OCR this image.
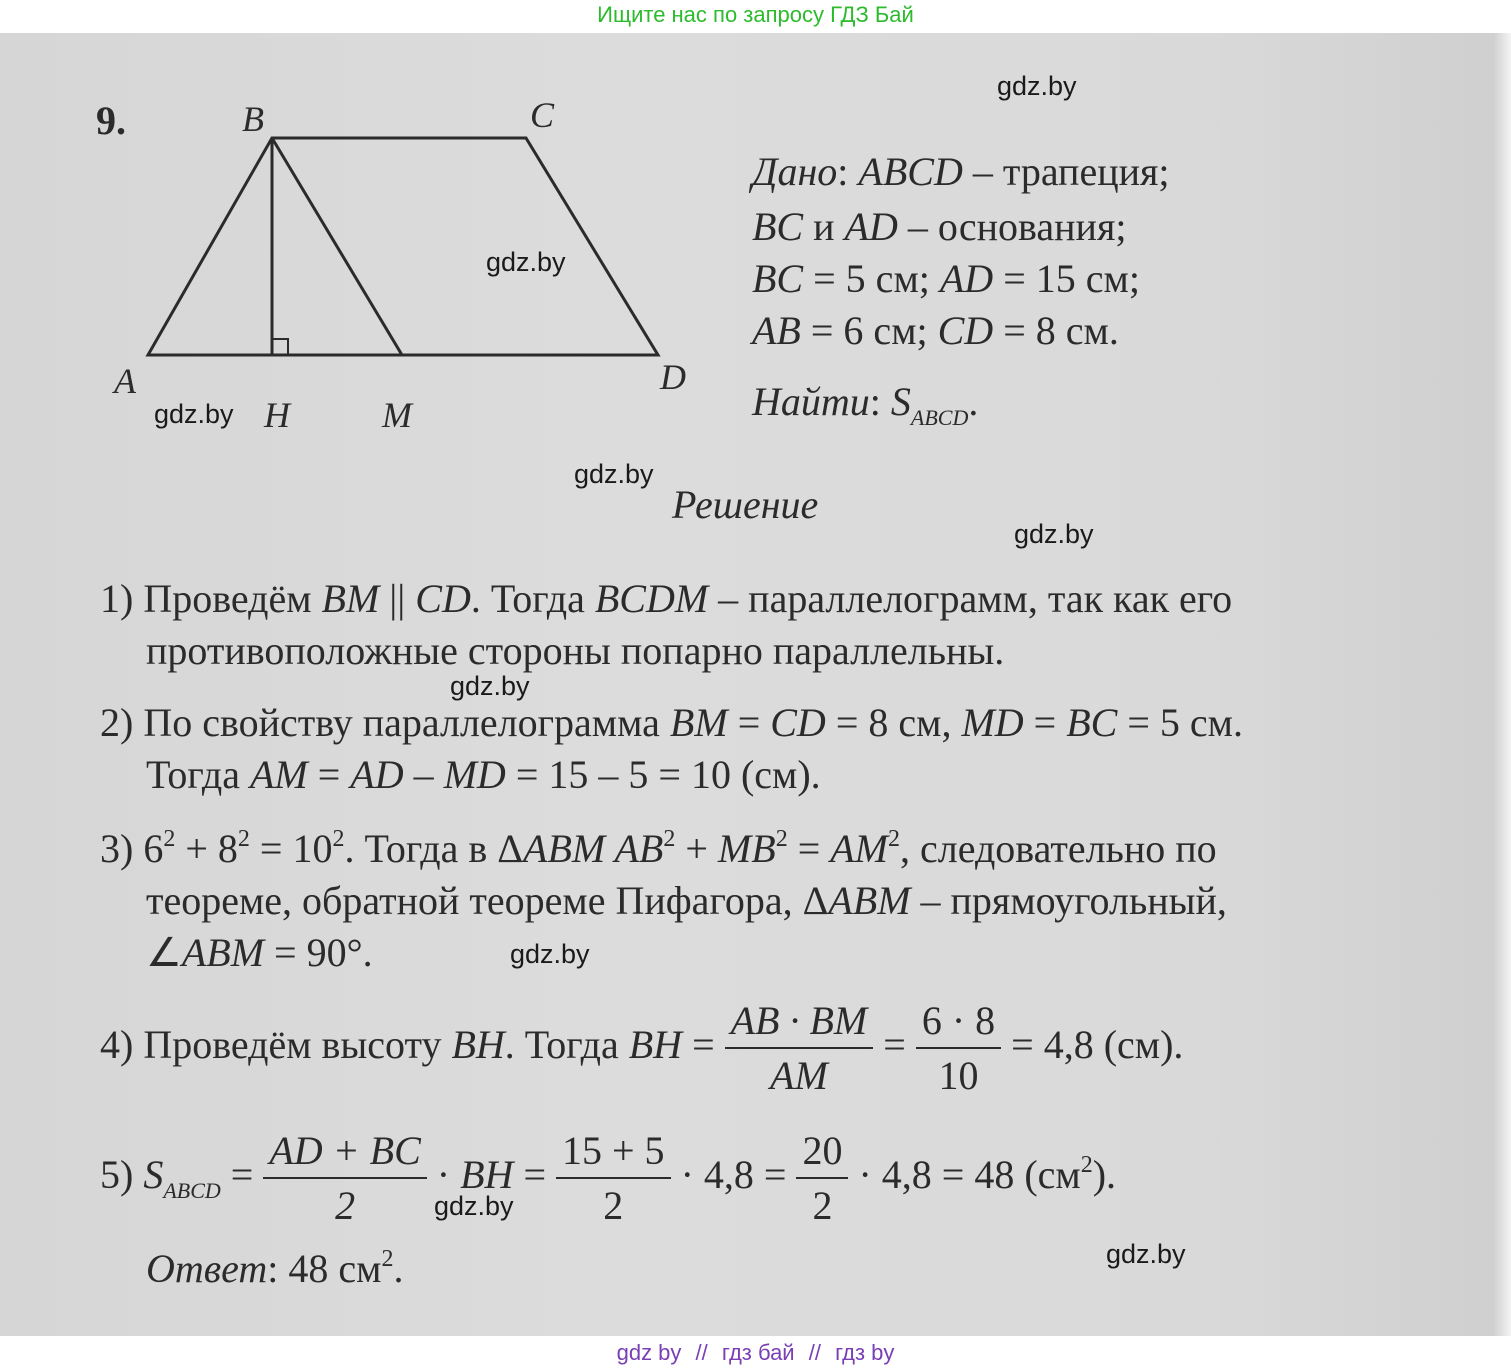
Ищите нас по запросу ГДЗ Бай
9.
A
B	C
D
H	M
Дано: ABCD – трапеция;
BC и AD – основания;
BC = 5 см; AD = 15 см;
AB = 6 см; CD = 8 см.
Найти: $S_{ABCD}$.
Решение
1) Проведём BM || CD. Тогда BCDM – параллелограмм, так как его
противоположные стороны попарно параллельны.
2) По свойству параллелограмма BM = CD = 8 см, MD = BC = 5 см.
Тогда AM = AD – MD = 15 – 5 = 10 (см).
3) $6^2 + 8^2 = 10^2$. Тогда в ΔABM $AB^2 + MB^2 = AM^2$, следовательно по
теореме, обратной теореме Пифагора, ΔABM – прямоугольный,
∠ABM = 90°.
4) Проведём высоту BH. Тогда BH = $\frac{AB \cdot BM}{AM} = \frac{6 \cdot 8}{10} = 4,8$ (см).
5) $S_{ABCD} = \frac{AD + BC}{2}$ · BH = $\frac{15 + 5}{2} \cdot 4,8 = \frac{20}{2} \cdot 4,8 = 48$ $(см^2)$.
Ответ: 48 $см^2$.
gdz.by
gdz.by
gdz.by
gdz.by
gdz.by
gdz.by
gdz.by
gdz.by
gdz.by
gdz by // гдз бай // гдз by
